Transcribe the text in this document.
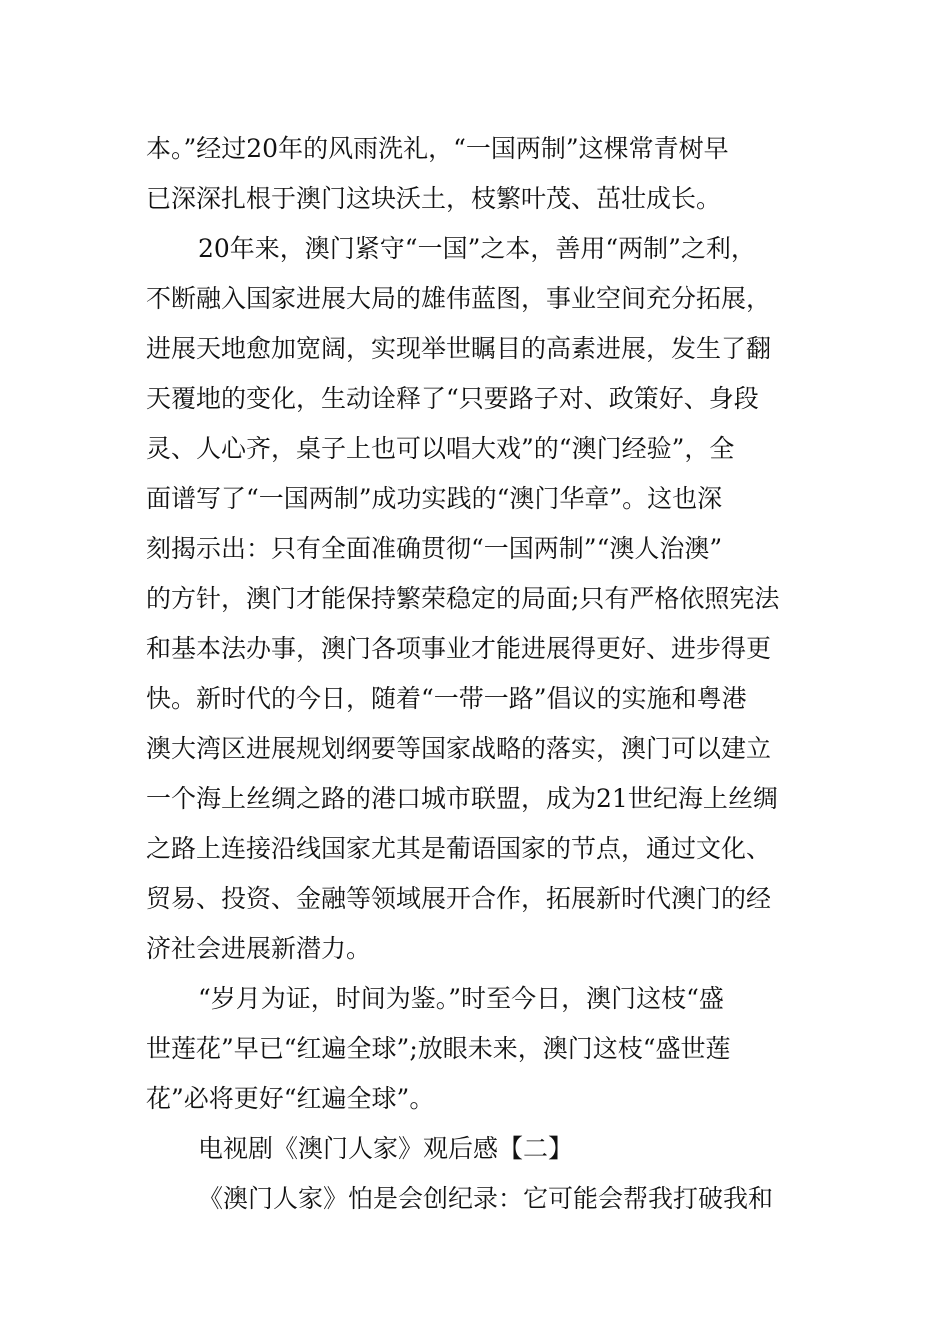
本。”经过20年的风雨洗礼，“一国两制”这棵常青树早
已深深扎根于澳门这块沃土，枝繁叶茂、茁壮成长。
20年来，澳门紧守“一国”之本，善用“两制”之利，
不断融入国家进展大局的雄伟蓝图，事业空间充分拓展，
进展天地愈加宽阔，实现举世瞩目的高素进展，发生了翻
天覆地的变化，生动诠释了“只要路子对、政策好、身段
灵、人心齐，桌子上也可以唱大戏”的“澳门经验”，全
面谱写了“一国两制”成功实践的“澳门华章”。这也深
刻揭示出：只有全面准确贯彻“一国两制”“澳人治澳”
的方针，澳门才能保持繁荣稳定的局面;只有严格依照宪法
和基本法办事，澳门各项事业才能进展得更好、进步得更
快。新时代的今日，随着“一带一路”倡议的实施和粤港
澳大湾区进展规划纲要等国家战略的落实，澳门可以建立
一个海上丝绸之路的港口城市联盟，成为21世纪海上丝绸
之路上连接沿线国家尤其是葡语国家的节点，通过文化、
贸易、投资、金融等领域展开合作，拓展新时代澳门的经
济社会进展新潜力。
“岁月为证，时间为鉴。”时至今日，澳门这枝“盛
世莲花”早已“红遍全球”;放眼未来，澳门这枝“盛世莲
花”必将更好“红遍全球”。
电视剧《澳门人家》观后感【二】
《澳门人家》怕是会创纪录：它可能会帮我打破我和
